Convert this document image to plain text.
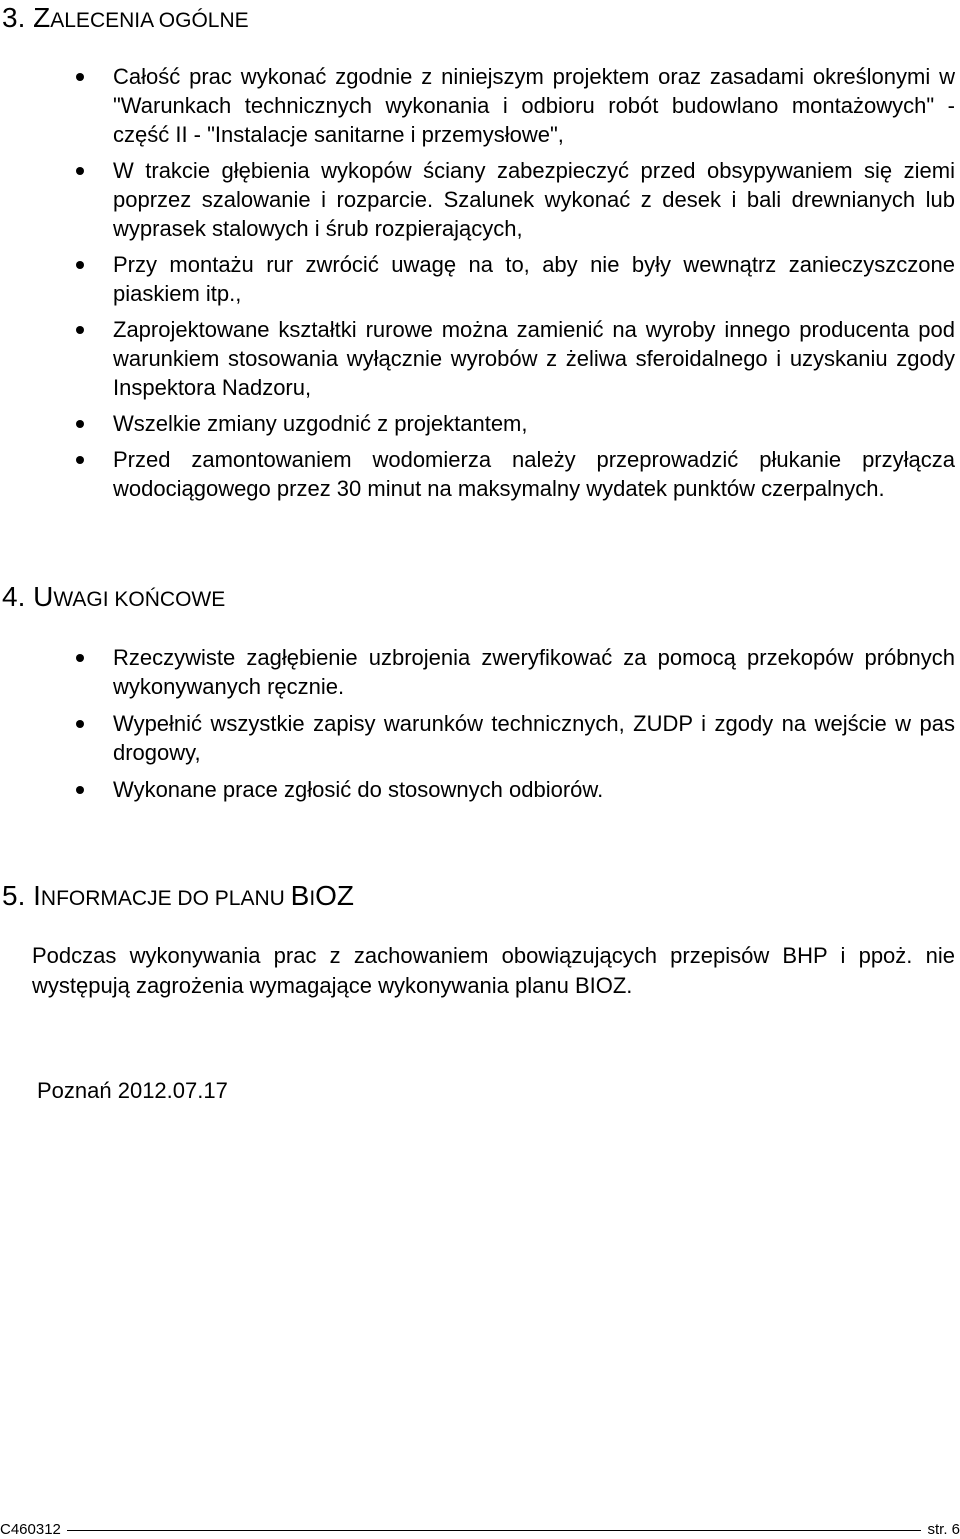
3. ZALECENIA OGÓLNE
Całość prac wykonać zgodnie z niniejszym projektem oraz zasadami określonymi w "Warunkach technicznych wykonania i odbioru robót budowlano montażowych" - część II - "Instalacje sanitarne i przemysłowe",
W trakcie głębienia wykopów ściany zabezpieczyć przed obsypywaniem się ziemi poprzez szalowanie i rozparcie. Szalunek wykonać z desek i bali drewnianych lub wyprasek stalowych i śrub rozpierających,
Przy montażu rur zwrócić uwagę na to, aby nie były wewnątrz zanieczyszczone piaskiem itp.,
Zaprojektowane kształtki rurowe można zamienić na wyroby innego producenta pod warunkiem stosowania wyłącznie wyrobów z żeliwa sferoidalnego i uzyskaniu zgody Inspektora Nadzoru,
Wszelkie zmiany uzgodnić z projektantem,
Przed zamontowaniem wodomierza należy przeprowadzić płukanie przyłącza wodociągowego przez 30 minut na maksymalny wydatek punktów czerpalnych.
4. UWAGI KOŃCOWE
Rzeczywiste zagłębienie uzbrojenia zweryfikować za pomocą przekopów próbnych wykonywanych ręcznie.
Wypełnić wszystkie zapisy warunków technicznych, ZUDP i zgody na wejście w pas drogowy,
Wykonane prace zgłosić do stosownych odbiorów.
5. INFORMACJE DO PLANU BIOZ

Podczas wykonywania prac z zachowaniem obowiązujących przepisów BHP i ppoż. nie występują zagrożenia wymagające wykonywania planu BIOZ.

Poznań 2012.07.17

C460312	str. 6
